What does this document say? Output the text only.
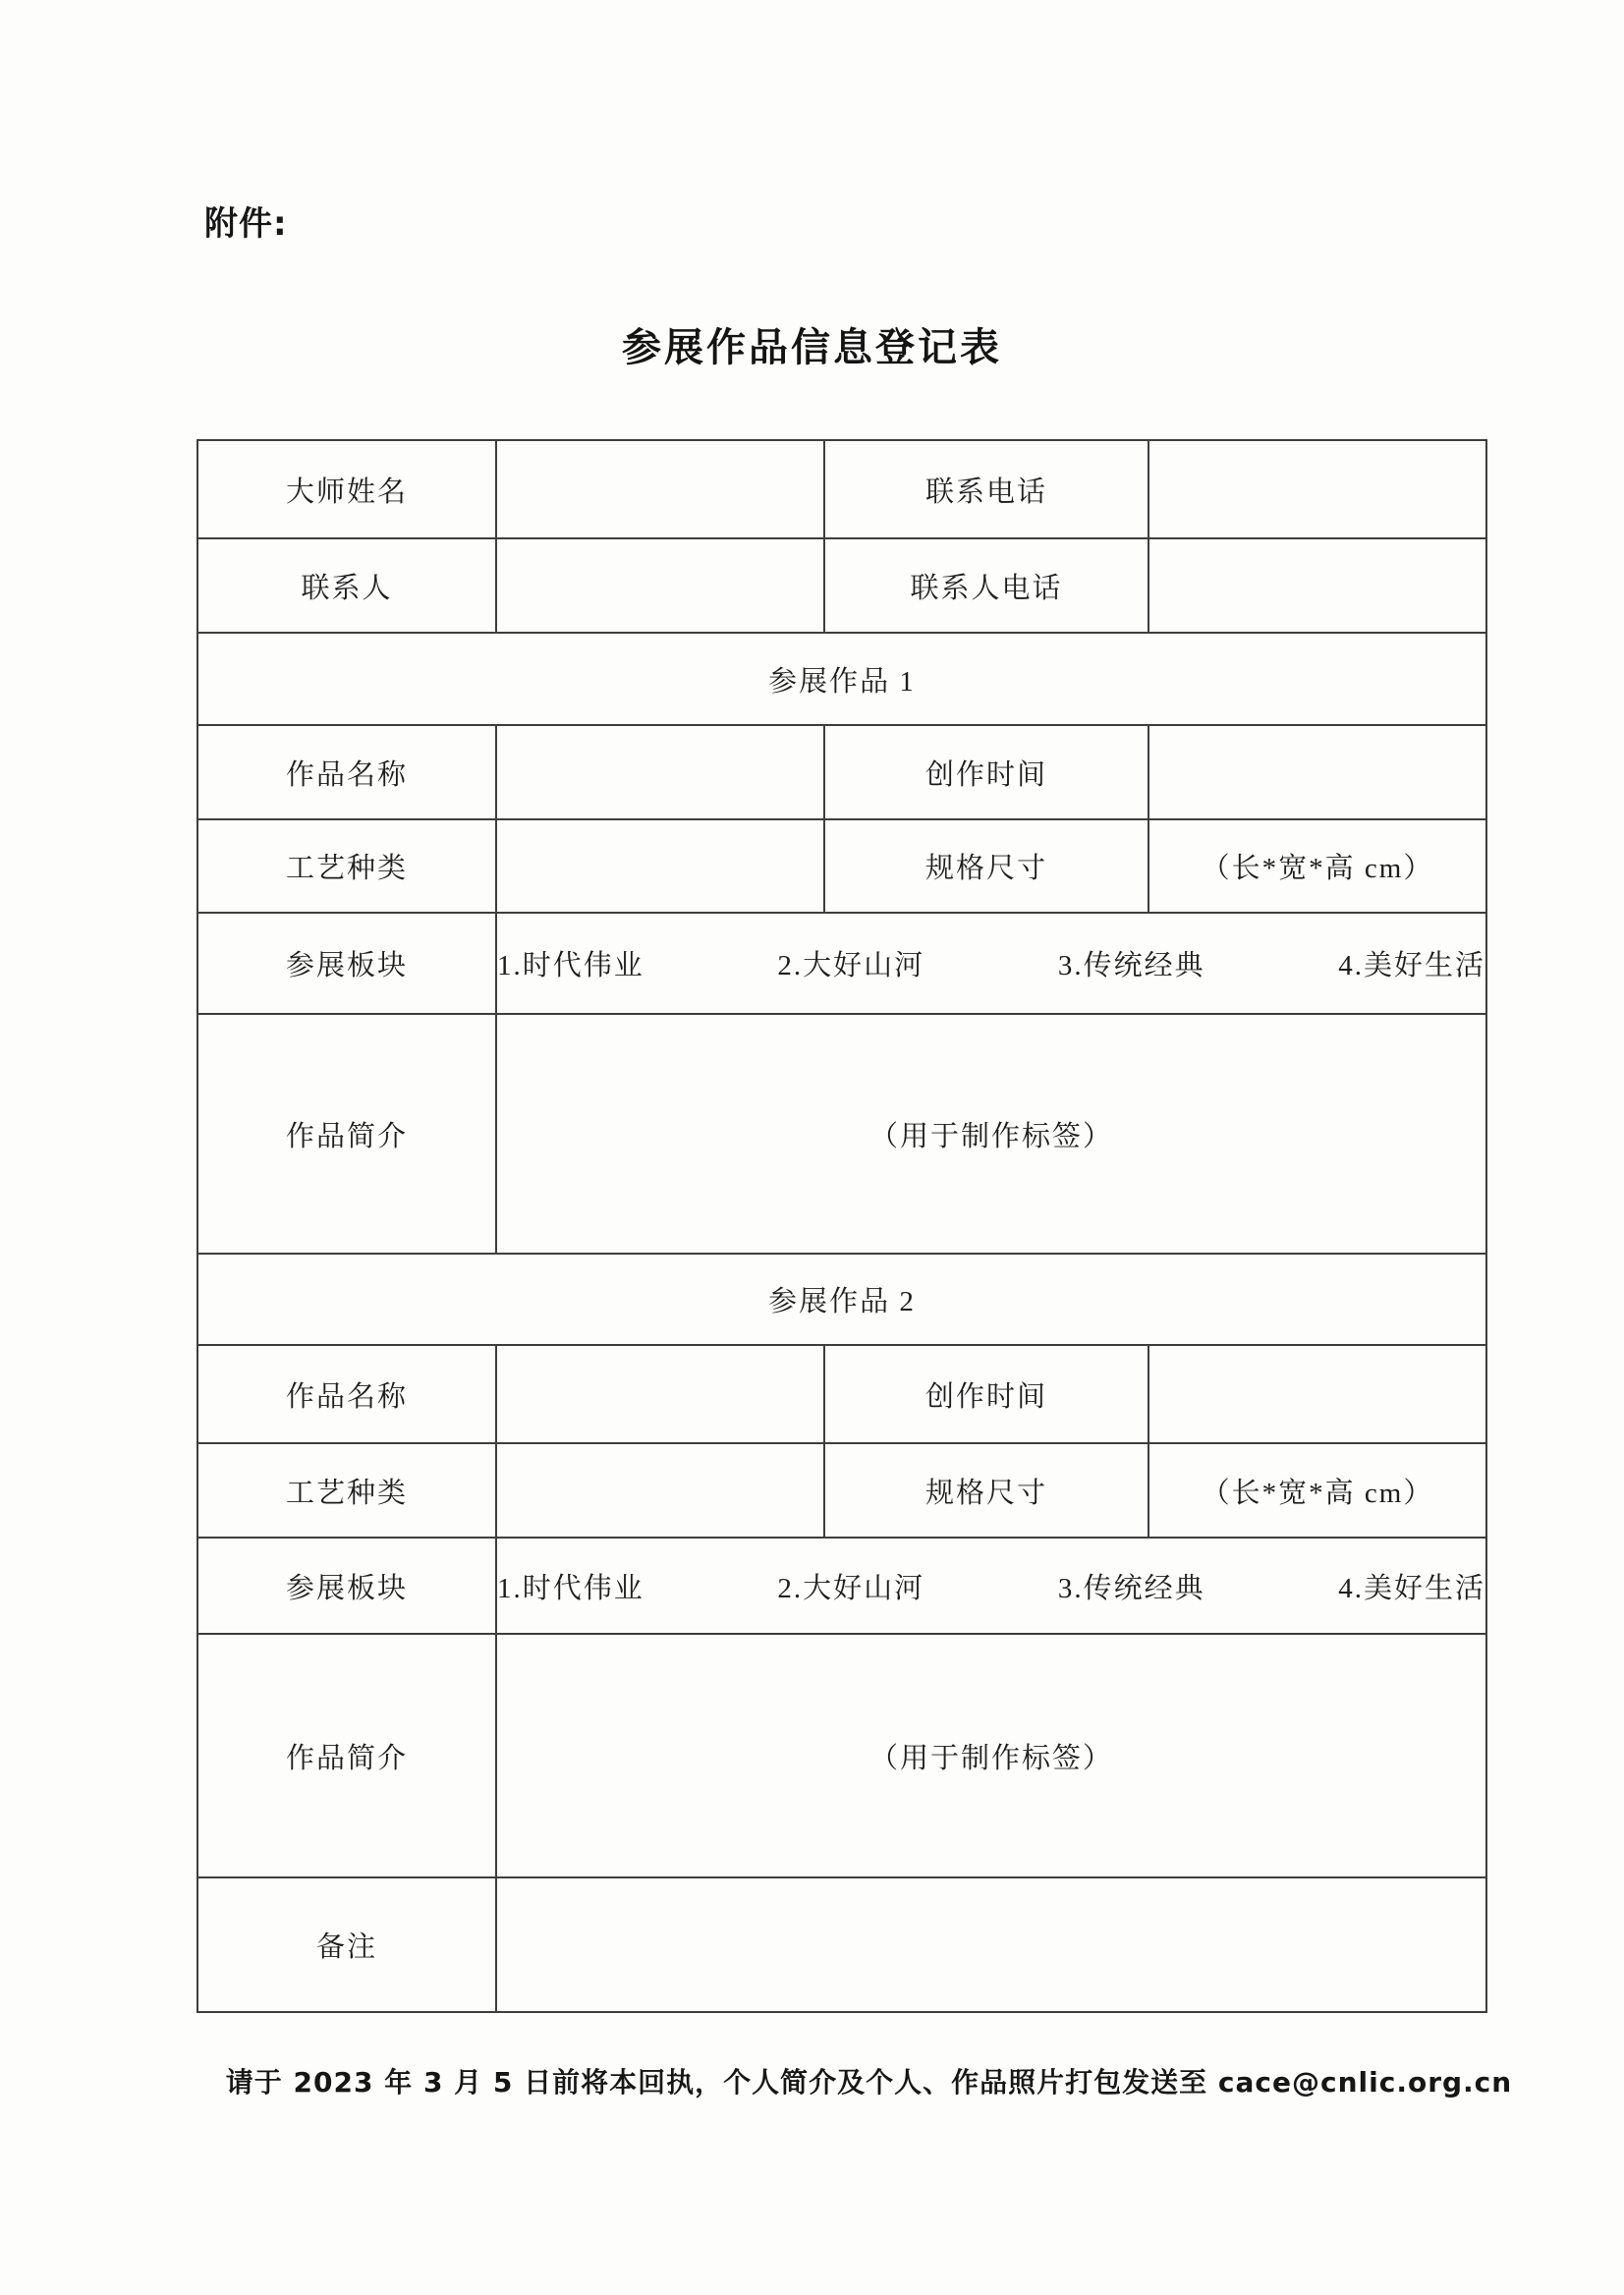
附件:
参展作品信息登记表
大师姓名		联系电话	
联系人		联系人电话	
参展作品 1			
作品名称		创作时间	
工艺种类		规格尺寸	（长*宽*高 cm）
参展板块	1.时代伟业 2.大好山河 3.传统经典 4.美好生活		

作品简介	（用于制作标签）		
参展作品 2			
作品名称		创作时间	
工艺种类		规格尺寸	（长*宽*高 cm）
参展板块	1.时代伟业 2.大好山河 3.传统经典 4.美好生活		

作品简介	（用于制作标签）		
备注			
请于 2023 年 3 月 5 日前将本回执，个人简介及个人、作品照片打包发送至 cace@cnlic.org.cn
